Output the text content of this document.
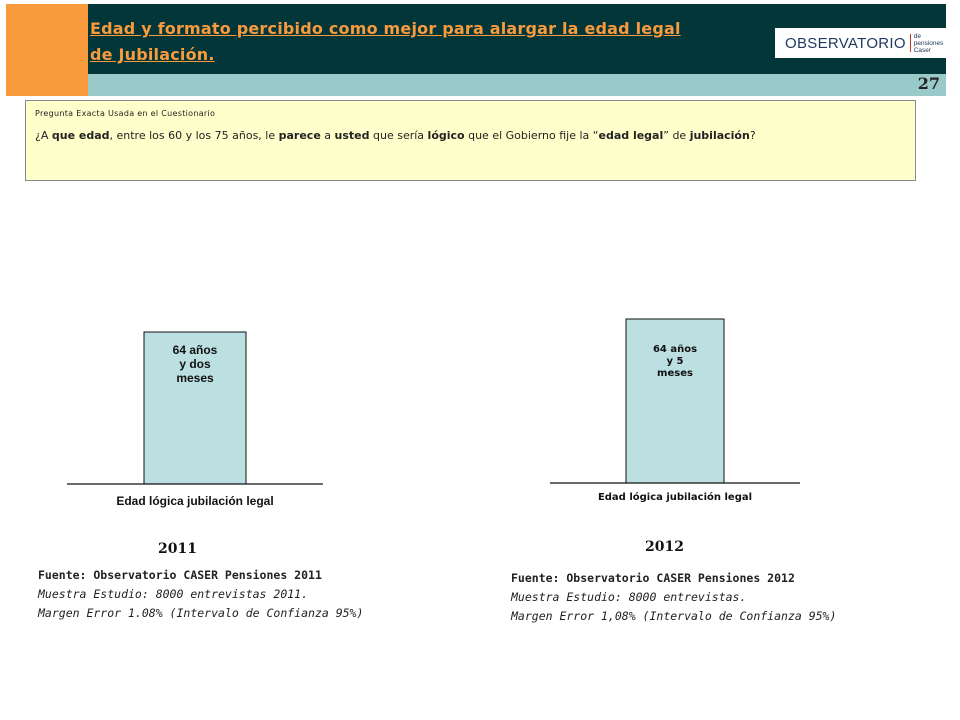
Edad y formato percibido como mejor para alargar la edad legal
de Jubilación.
OBSERVATORIO de pensiones
Caser
27
Pregunta Exacta Usada en el Cuestionario
¿A que edad, entre los 60 y los 75 años, le parece a usted que sería lógico que el Gobierno fije la “edad legal” de jubilación?
64 años
y dos
meses
Edad lógica jubilación legal
64 años
y 5
meses
Edad lógica jubilación legal
2011	2012
Fuente: Observatorio CASER Pensiones 2011
Muestra Estudio: 8000 entrevistas 2011.
Margen Error 1.08% (Intervalo de Confianza 95%)
Fuente: Observatorio CASER Pensiones 2012
Muestra Estudio: 8000 entrevistas.
Margen Error 1,08% (Intervalo de Confianza 95%)
